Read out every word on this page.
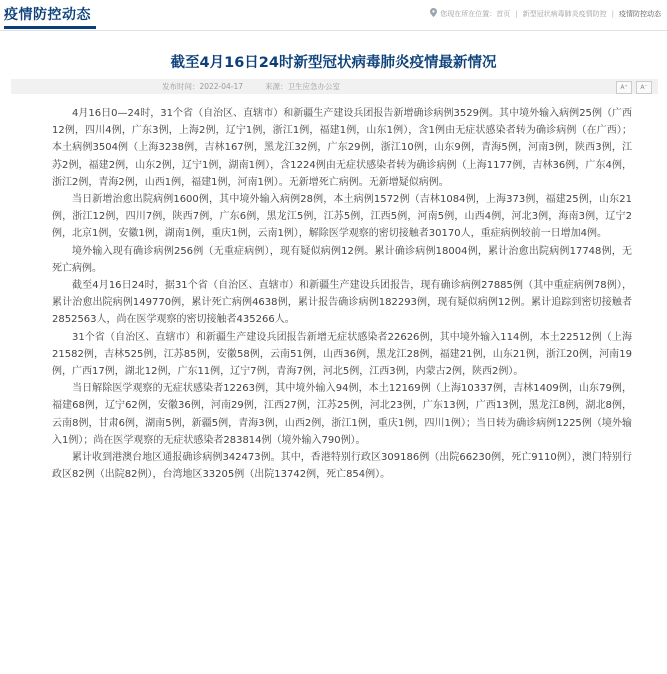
疫情防控动态	您现在所在位置： 首页 | 新型冠状病毒肺炎疫情防控 | 疫情防控动态
截至4月16日24时新型冠状病毒肺炎疫情最新情况
发布时间：2022-04-17	来源：卫生应急办公室	A⁺	A⁻

4月16日0—24时，31个省（自治区、直辖市）和新疆生产建设兵团报告新增确诊病例3529例。其中境外输入病例25例（广西12例，四川4例，广东3例，上海2例，辽宁1例，浙江1例，福建1例，山东1例），含1例由无症状感染者转为确诊病例（在广西）；本土病例3504例（上海3238例，吉林167例，黑龙江32例，广东29例，浙江10例，山东9例，青海5例，河南3例，陕西3例，江苏2例，福建2例，山东2例，辽宁1例，湖南1例），含1224例由无症状感染者转为确诊病例（上海1177例，吉林36例，广东4例，浙江2例，青海2例，山西1例，福建1例，河南1例）。无新增死亡病例。无新增疑似病例。

当日新增治愈出院病例1600例，其中境外输入病例28例，本土病例1572例（吉林1084例，上海373例，福建25例，山东21例，浙江12例，四川7例，陕西7例，广东6例，黑龙江5例，江苏5例，江西5例，河南5例，山西4例，河北3例，海南3例，辽宁2例，北京1例，安徽1例，湖南1例，重庆1例，云南1例），解除医学观察的密切接触者30170人，重症病例较前一日增加4例。

境外输入现有确诊病例256例（无重症病例），现有疑似病例12例。累计确诊病例18004例，累计治愈出院病例17748例，无死亡病例。

截至4月16日24时，据31个省（自治区、直辖市）和新疆生产建设兵团报告，现有确诊病例27885例（其中重症病例78例），累计治愈出院病例149770例，累计死亡病例4638例，累计报告确诊病例182293例，现有疑似病例12例。累计追踪到密切接触者2852563人，尚在医学观察的密切接触者435266人。

31个省（自治区、直辖市）和新疆生产建设兵团报告新增无症状感染者22626例，其中境外输入114例，本土22512例（上海21582例，吉林525例，江苏85例，安徽58例，云南51例，山西36例，黑龙江28例，福建21例，山东21例，浙江20例，河南19例，广西17例，湖北12例，广东11例，辽宁7例，青海7例，河北5例，江西3例，内蒙古2例，陕西2例）。

当日解除医学观察的无症状感染者12263例，其中境外输入94例，本土12169例（上海10337例，吉林1409例，山东79例，福建68例，辽宁62例，安徽36例，河南29例，江西27例，江苏25例，河北23例，广东13例，广西13例，黑龙江8例，湖北8例，云南8例，甘肃6例，湖南5例，新疆5例，青海3例，山西2例，浙江1例，重庆1例，四川1例）；当日转为确诊病例1225例（境外输入1例）；尚在医学观察的无症状感染者283814例（境外输入790例）。

累计收到港澳台地区通报确诊病例342473例。其中，香港特别行政区309186例（出院66230例，死亡9110例），澳门特别行政区82例（出院82例），台湾地区33205例（出院13742例，死亡854例）。
